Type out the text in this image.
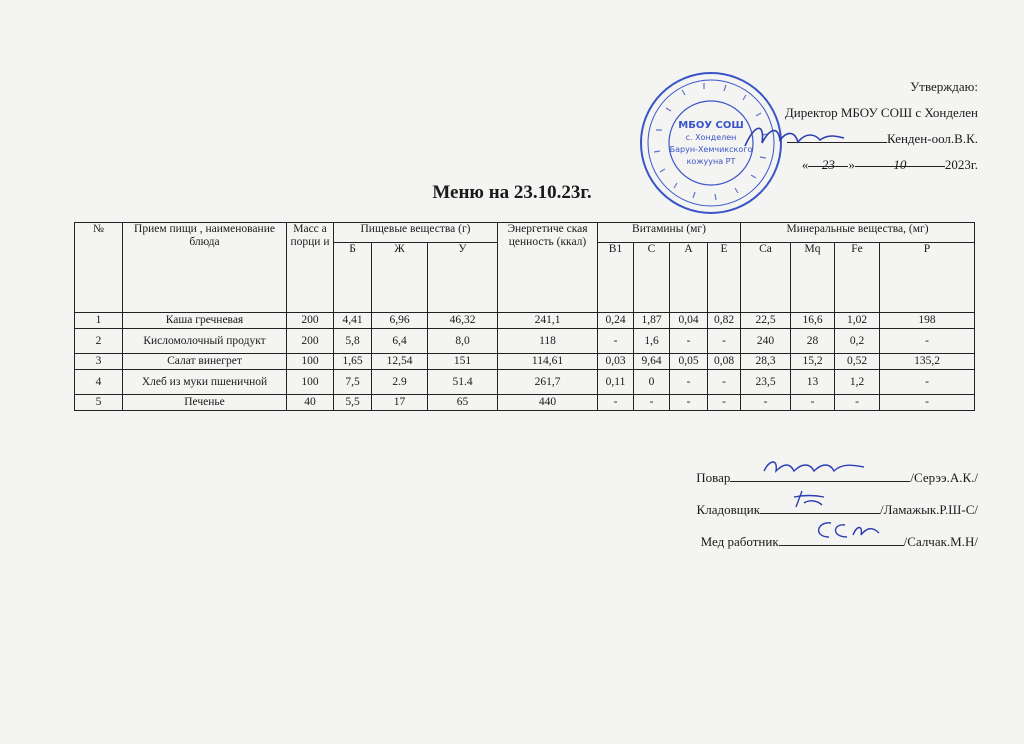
Утверждаю:
Директор МБОУ СОШ с Хонделен
Кенден-оол.В.К.
« 23 »	10	2023г.
МБОУ СОШ
с. Хонделен
Барун-Хемчикского
кожууна РТ
Меню на 23.10.23г.
№	Прием пищи , наименование блюда	Масс а порци и	Пищевые вещества (г)			Энергетиче ская ценность (ккал)	Витамины (мг)				Минеральные вещества, (мг)			
			Б	Ж	У		B1	C	A	E	Ca	Mq	Fe	P
1	Каша гречневая	200	4,41	6,96	46,32	241,1	0,24	1,87	0,04	0,82	22,5	16,6	1,02	198
2	Кисломолочный продукт	200	5,8	6,4	8,0	118	-	1,6	-	-	240	28	0,2	-
3	Салат винегрет	100	1,65	12,54	151	114,61	0,03	9,64	0,05	0,08	28,3	15,2	0,52	135,2
4	Хлеб из муки пшеничной	100	7,5	2.9	51.4	261,7	0,11	0	-	-	23,5	13	1,2	-
5	Печенье	40	5,5	17	65	440	-	-	-	-	-	-	-	-
Повар	/Серээ.А.К./
Кладовщик	/Ламажык.Р.Ш-С/
Мед работник	/Салчак.М.Н/
